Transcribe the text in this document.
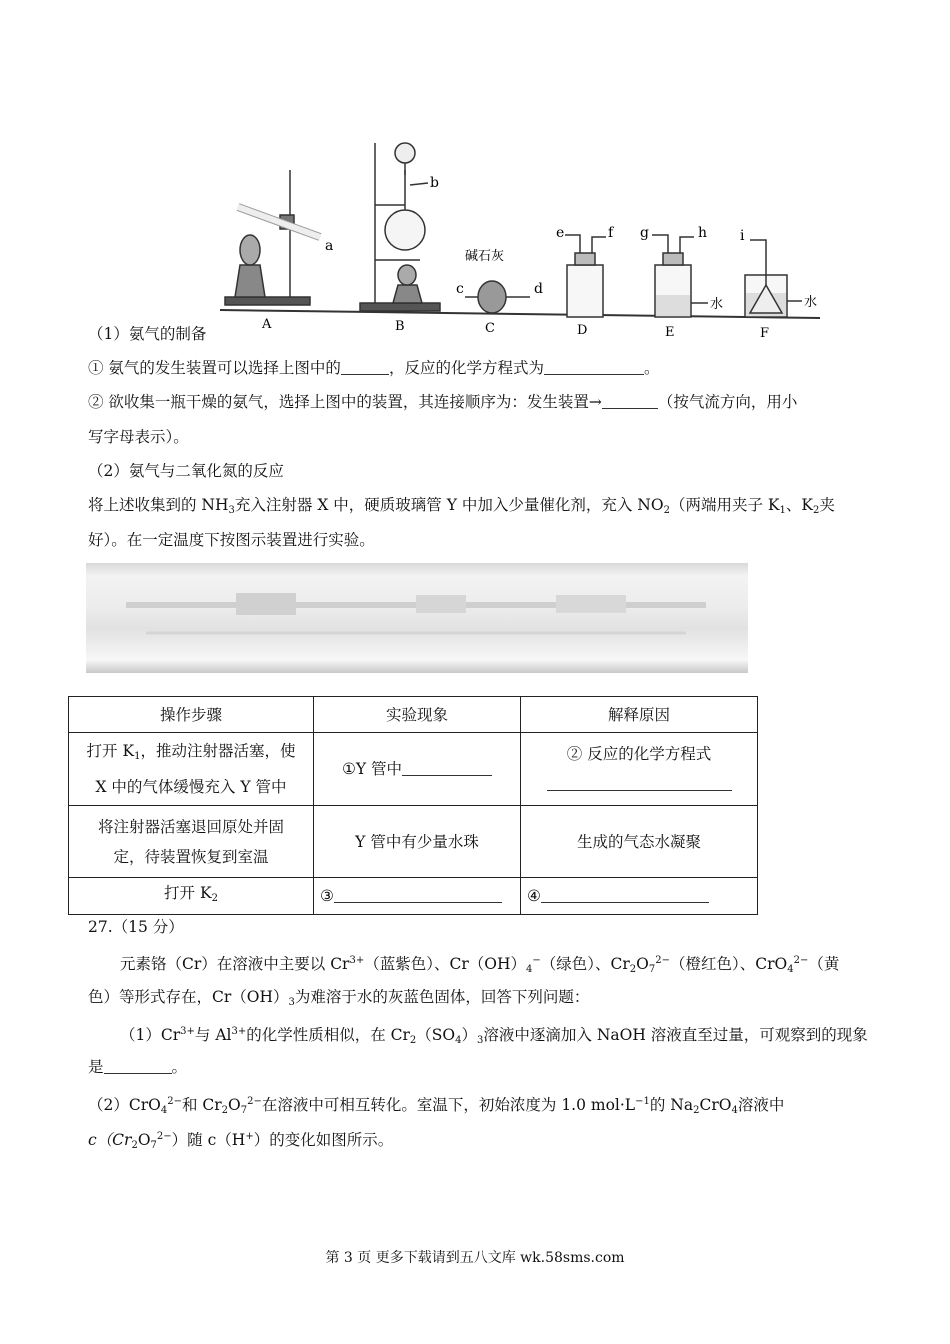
a
b
碱石灰
c	d
e	f g	h i
水	水
A	B	C	D	E	F
（1）氨气的制备
① 氨气的发生装置可以选择上图中的	，反应的化学方程式为	。
② 欲收集一瓶干燥的氨气，选择上图中的装置，其连接顺序为：发生装置→	（按气流方向，用小
写字母表示）。
（2）氨气与二氧化氮的反应
将上述收集到的 $NH_3$充入注射器 X 中，硬质玻璃管 Y 中加入少量催化剂，充入 $NO_2$（两端用夹子 $K_1$、$K_2$夹
好）。在一定温度下按图示装置进行实验。
操作步骤	实验现象	解释原因

打开 $K_1$，推动注射器活塞，使
X 中的气体缓慢充入 Y 管中	①Y 管中	② 反应的化学方程式

将注射器活塞退回原处并固
定，待装置恢复到室温	Y 管中有少量水珠	生成的气态水凝聚
打开 $K_2$	③	④
27.（15 分）
元素铬（Cr）在溶液中主要以 $Cr^{3+}$（蓝紫色）、$Cr(OH)_4^-$（绿色）、$Cr_2O_7^{2-}$（橙红色）、CrO$_4^{2-}$（黄
色）等形式存在，$Cr(OH)_3$为难溶于水的灰蓝色固体，回答下列问题：
$(1)Cr^{3+}$与 $Al^{3+}$的化学性质相似，在 $Cr_2(SO_4)_3$溶液中逐滴加入 NaOH 溶液直至过量，可观察到的现象
是	。
（2）CrO$_4^{2-}$和 $Cr_2O_7^{2-}$在溶液中可相互转化。室温下，初始浓度为 1.0 $mol\cdot L^{-1}$的 $Na_2CrO_4$溶液中
$c(Cr_2O_7^{2-})$随 c（H+）的变化如图所示。
第 3 页 更多下载请到五八文库 wk.58sms.com
